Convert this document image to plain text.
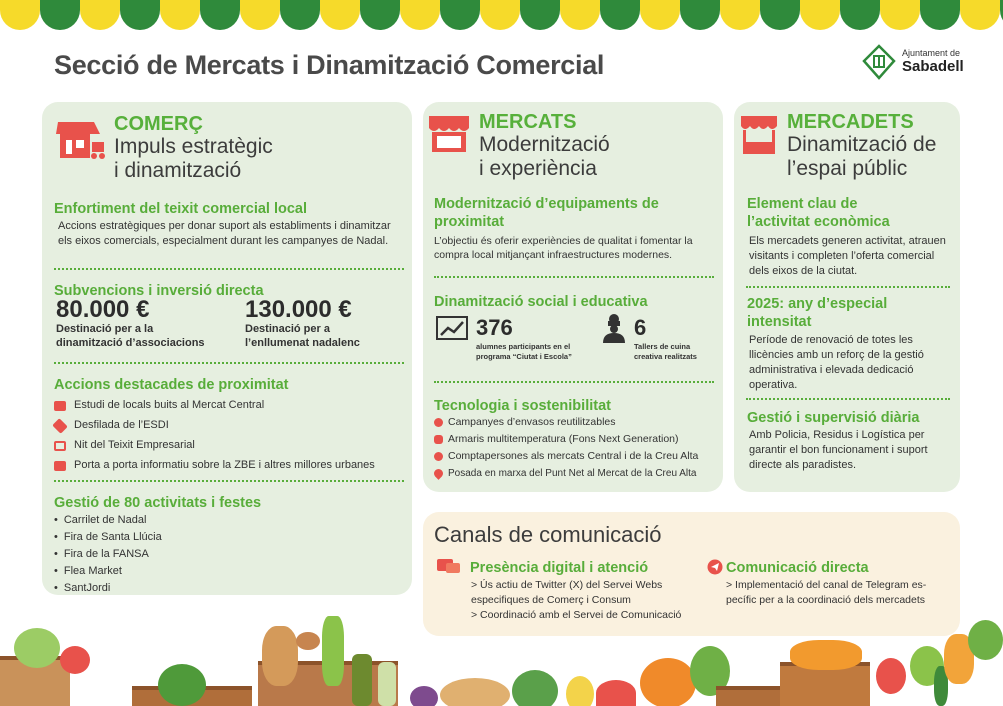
Secció de Mercats i Dinamització Comercial	Ajuntament de
Sabadell
COMERÇ
Impuls estratègic
i dinamització
Enfortiment del teixit comercial local
Accions estratègiques per donar suport als establiments i dinamitzar els eixos comercials, especialment durant les campanyes de Nadal.
Subvencions i inversió directa
80.000 €
Destinació per a la
dinamització d’associacions
130.000 €
Destinació per a
l’enllumenat nadalenc
Accions destacades de proximitat
Estudi de locals buits al Mercat Central
Desfilada de l’ESDI
Nit del Teixit Empresarial
Porta a porta informatiu sobre la ZBE i altres millores urbanes
Gestió de 80 activitats i festes
• Carrilet de Nadal
• Fira de Santa Llúcia
• Fira de la FANSA
• Flea Market
• SantJordi
MERCATS
Modernització
i experiència
Modernització d’equipaments de proximitat
L’objectiu és oferir experiències de qualitat i fomentar la compra local mitjançant infraestructures modernes.
Dinamització social i educativa
376
alumnes participants en el
programa “Ciutat i Escola”
6
Tallers de cuina
creativa realitzats
Tecnologia i sostenibilitat
Campanyes d’envasos reutilitzables
Armaris multitemperatura (Fons Next Generation)
Comptapersones als mercats Central i de la Creu Alta
Posada en marxa del Punt Net al Mercat de la Creu Alta
MERCADETS
Dinamització de
l’espai públic
Element clau de l’activitat econòmica
Els mercadets generen activitat, atrauen visitants i completen l’oferta comercial dels eixos de la ciutat.
2025: any d’especial intensitat
Període de renovació de totes les llicències amb un reforç de la gestió administrativa i elevada dedicació operativa.
Gestió i supervisió diària
Amb Policia, Residus i Logística per garantir el bon funcionament i suport directe als paradistes.
Canals de comunicació
Presència digital i atenció
> Ús actiu de Twitter (X) del Servei Webs
especifiques de Comerç i Consum
> Coordinació amb el Servei de Comunicació
Comunicació directa
> Implementació del canal de Telegram es-
pecífic per a la coordinació dels mercadets
